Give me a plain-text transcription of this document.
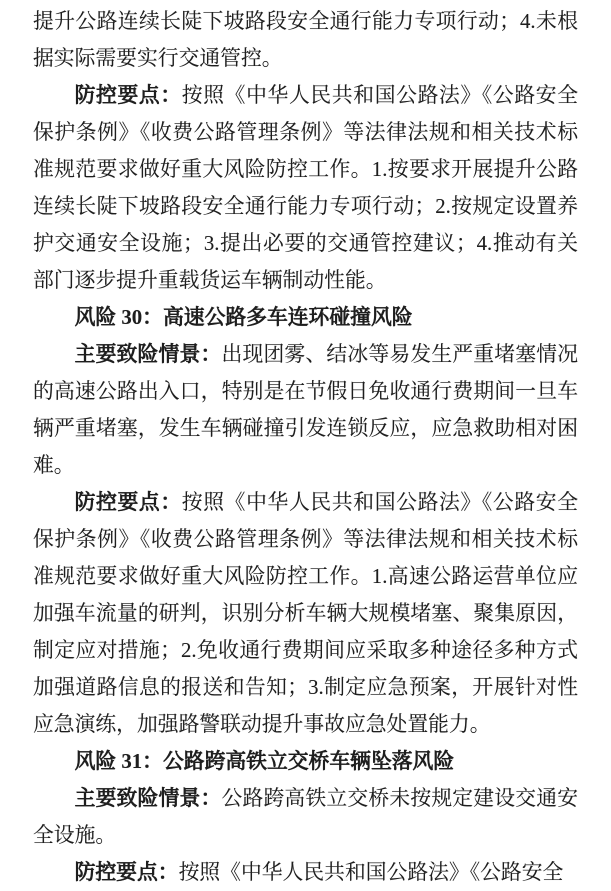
提升公路连续长陡下坡路段安全通行能力专项行动；4.未根据实际需要实行交通管控。

防控要点：按照《中华人民共和国公路法》《公路安全保护条例》《收费公路管理条例》等法律法规和相关技术标准规范要求做好重大风险防控工作。1.按要求开展提升公路连续长陡下坡路段安全通行能力专项行动；2.按规定设置养护交通安全设施；3.提出必要的交通管控建议；4.推动有关部门逐步提升重载货运车辆制动性能。

风险 30：高速公路多车连环碰撞风险

主要致险情景：出现团雾、结冰等易发生严重堵塞情况的高速公路出入口，特别是在节假日免收通行费期间一旦车辆严重堵塞，发生车辆碰撞引发连锁反应，应急救助相对困难。

防控要点：按照《中华人民共和国公路法》《公路安全保护条例》《收费公路管理条例》等法律法规和相关技术标准规范要求做好重大风险防控工作。1.高速公路运营单位应加强车流量的研判，识别分析车辆大规模堵塞、聚集原因，制定应对措施；2.免收通行费期间应采取多种途径多种方式加强道路信息的报送和告知；3.制定应急预案，开展针对性应急演练，加强路警联动提升事故应急处置能力。

风险 31：公路跨高铁立交桥车辆坠落风险

主要致险情景：公路跨高铁立交桥未按规定建设交通安全设施。

防控要点：按照《中华人民共和国公路法》《公路安全
